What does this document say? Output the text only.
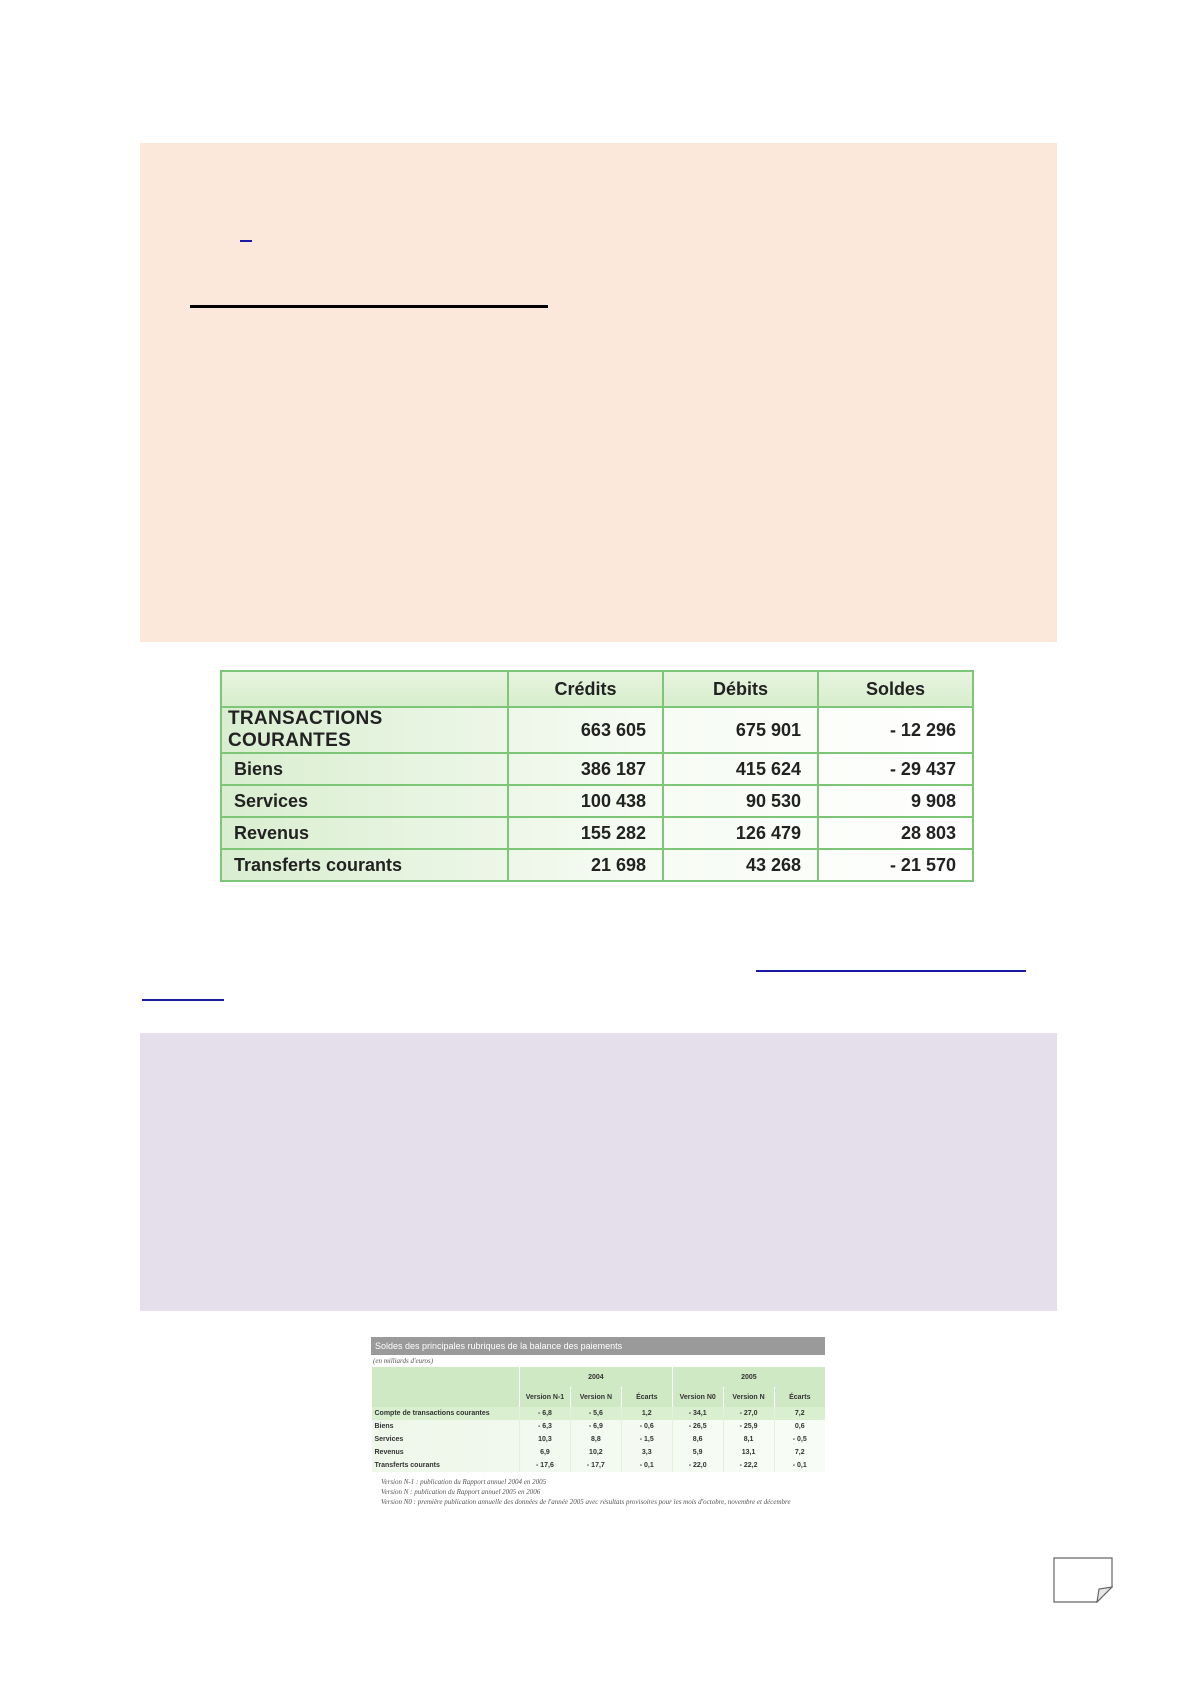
	Crédits	Débits	Soldes
TRANSACTIONS COURANTES	663 605	675 901	- 12 296
Biens	386 187	415 624	- 29 437
Services	100 438	90 530	9 908
Revenus	155 282	126 479	28 803
Transferts courants	21 698	43 268	- 21 570
Soldes des principales rubriques de la balance des paiements
(en milliards d'euros)
	2004			2005		
	Version N-1	Version N	Écarts	Version N0	Version N	Écarts
Compte de transactions courantes	- 6,8	- 5,6	1,2	- 34,1	- 27,0	7,2
Biens	- 6,3	- 6,9	- 0,6	- 26,5	- 25,9	0,6
Services	10,3	8,8	- 1,5	8,6	8,1	- 0,5
Revenus	6,9	10,2	3,3	5,9	13,1	7,2
Transferts courants	- 17,6	- 17,7	- 0,1	- 22,0	- 22,2	- 0,1
Version N-1 : publication du Rapport annuel 2004 en 2005
Version N : publication du Rapport annuel 2005 en 2006
Version N0 : première publication annuelle des données de l'année 2005 avec résultats provisoires pour les mois d'octobre, novembre et décembre
